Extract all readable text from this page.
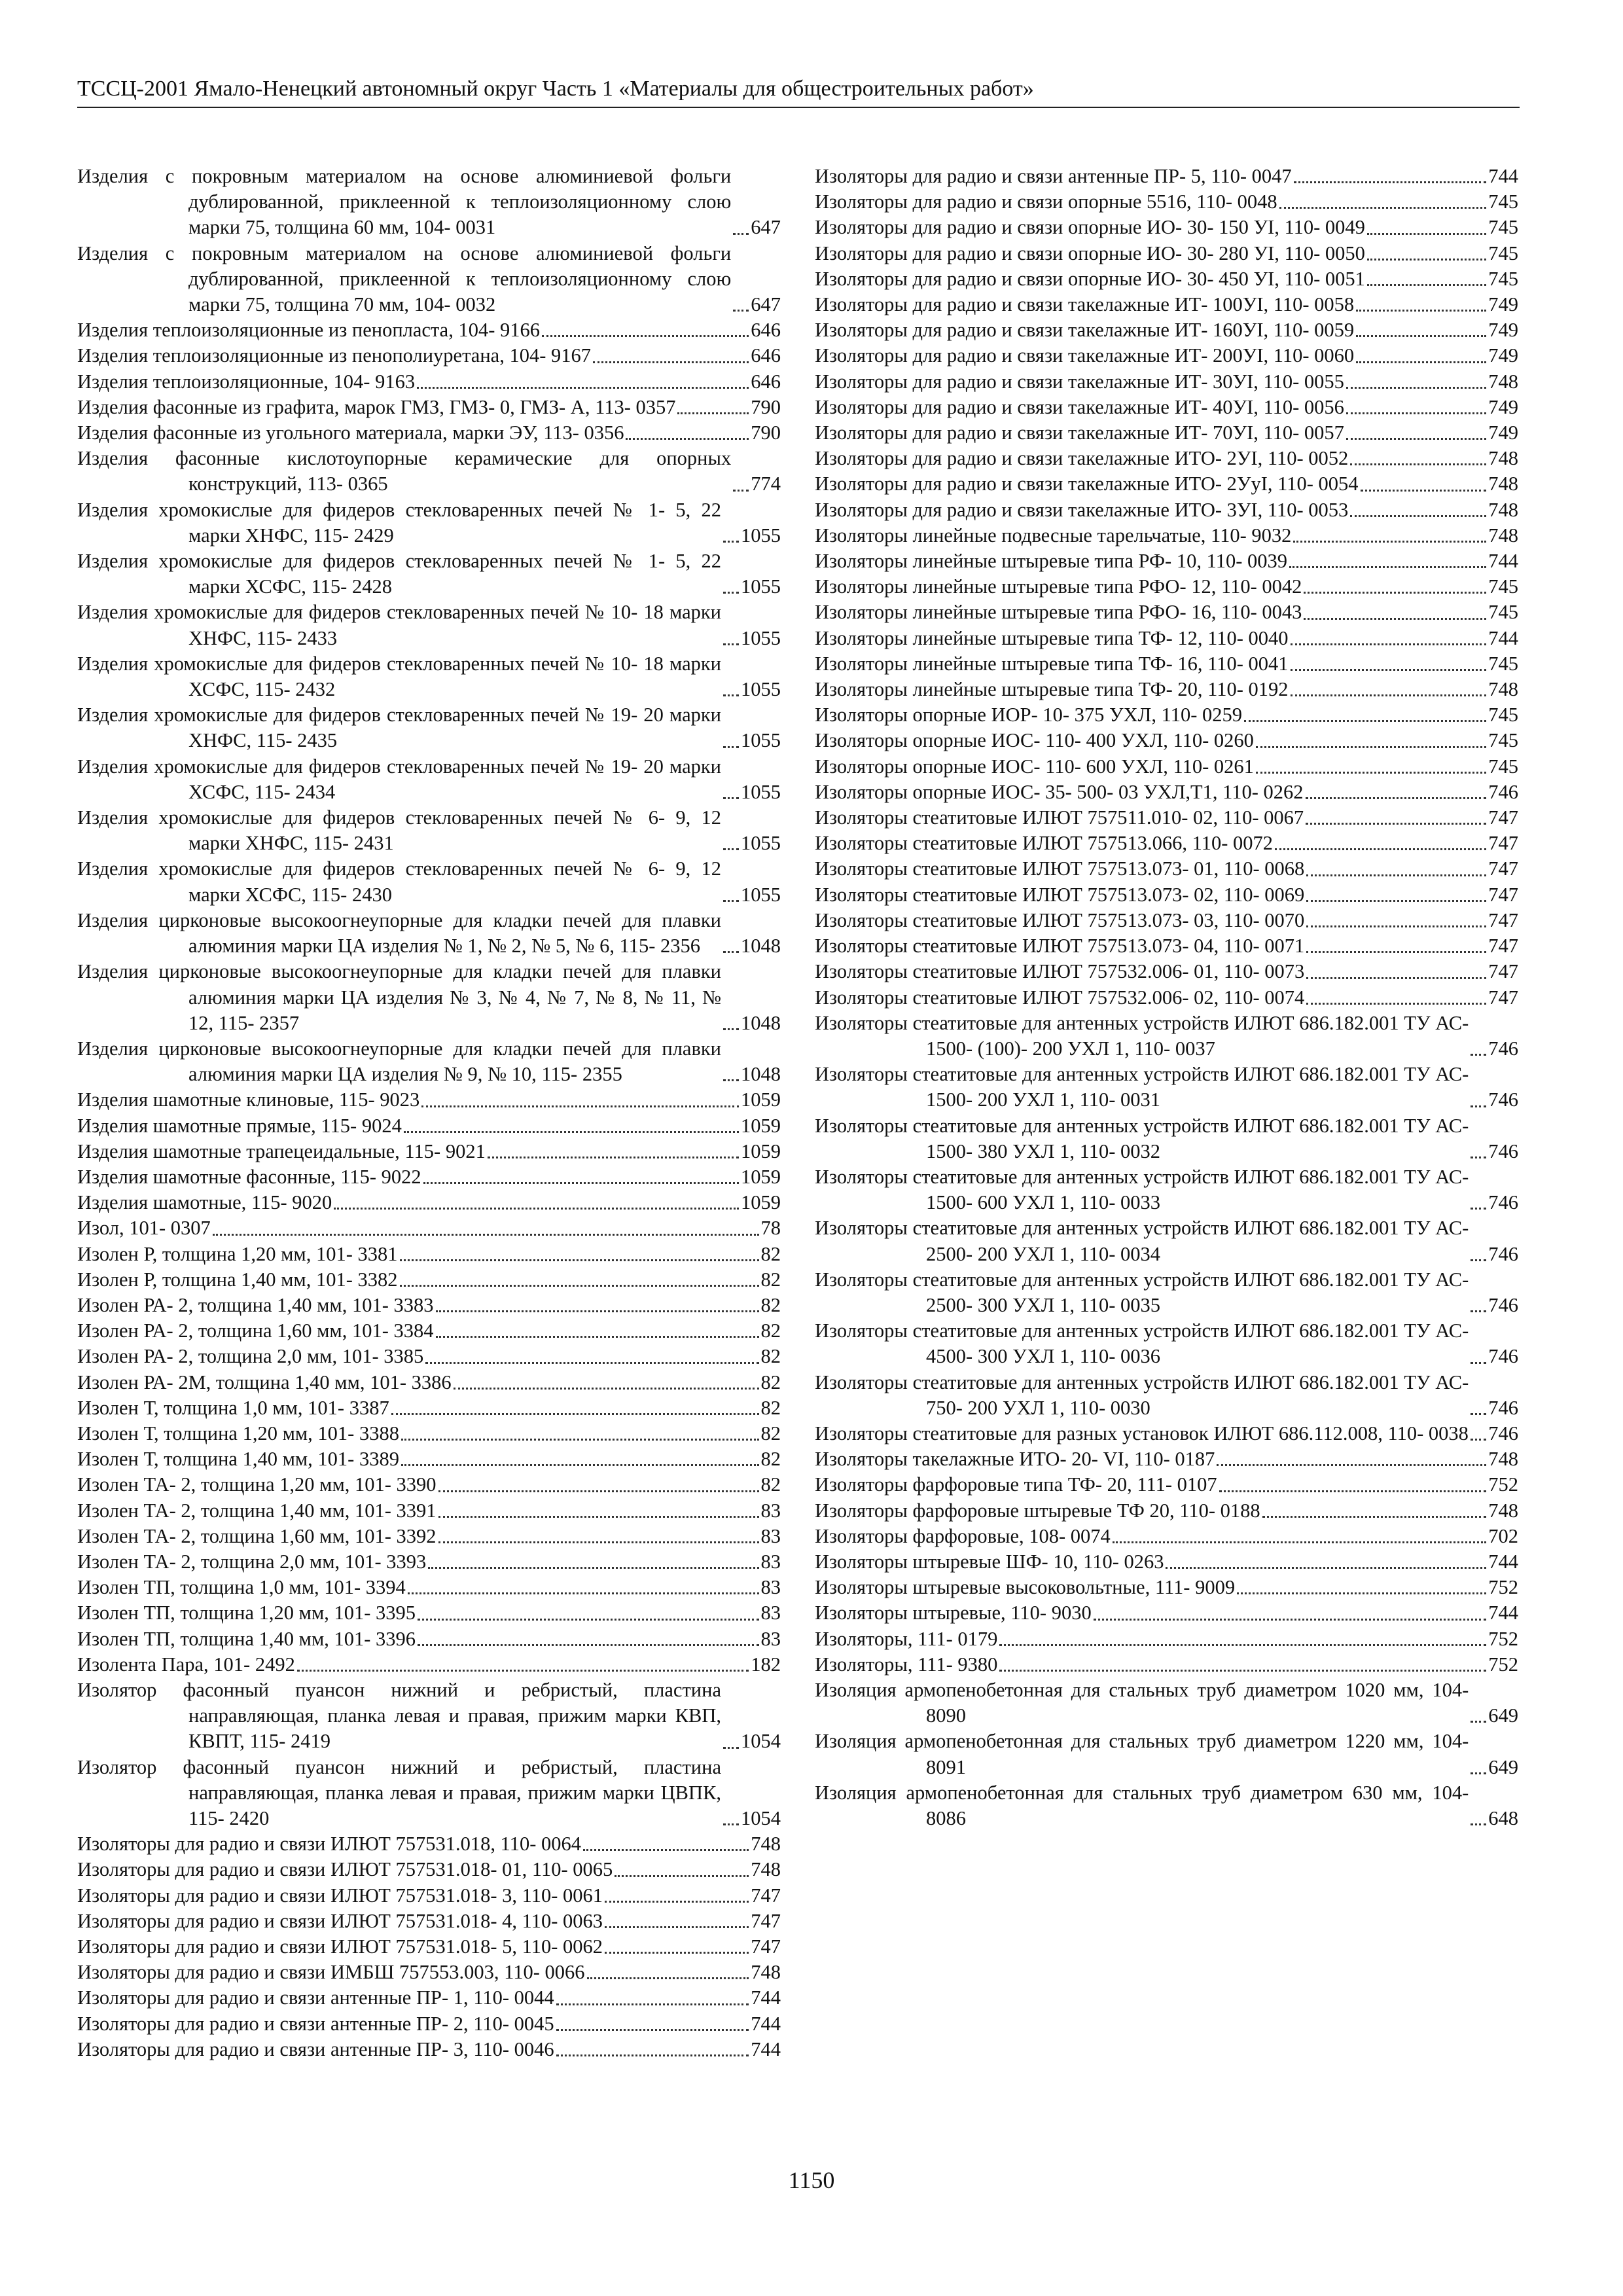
ТССЦ-2001 Ямало-Ненецкий автономный округ Часть 1 «Материалы для общестроительных работ»
Изделия с покровным материалом на основе алюминиевой фольги дублированной, приклеенной к теплоизоляционному слою марки 75, толщина 60 мм, 104- 0031	647
Изделия с покровным материалом на основе алюминиевой фольги дублированной, приклеенной к теплоизоляционному слою марки 75, толщина 70 мм, 104- 0032	647
Изделия теплоизоляционные из пенопласта, 104- 9166	646
Изделия теплоизоляционные из пенополиуретана, 104- 9167	646
Изделия теплоизоляционные, 104- 9163	646
Изделия фасонные из графита, марок ГМЗ, ГМЗ- 0, ГМЗ- А, 113- 0357	790
Изделия фасонные из угольного материала, марки ЭУ, 113- 0356	790
Изделия фасонные кислотоупорные керамические для опорных конструкций, 113- 0365	774
Изделия хромокислые для фидеров стекловаренных печей № 1- 5, 22 марки ХНФС, 115- 2429	1055
Изделия хромокислые для фидеров стекловаренных печей № 1- 5, 22 марки ХСФС, 115- 2428	1055
Изделия хромокислые для фидеров стекловаренных печей № 10- 18 марки ХНФС, 115- 2433	1055
Изделия хромокислые для фидеров стекловаренных печей № 10- 18 марки ХСФС, 115- 2432	1055
Изделия хромокислые для фидеров стекловаренных печей № 19- 20 марки ХНФС, 115- 2435	1055
Изделия хромокислые для фидеров стекловаренных печей № 19- 20 марки ХСФС, 115- 2434	1055
Изделия хромокислые для фидеров стекловаренных печей № 6- 9, 12 марки ХНФС, 115- 2431	1055
Изделия хромокислые для фидеров стекловаренных печей № 6- 9, 12 марки ХСФС, 115- 2430	1055
Изделия цирконовые высокоогнеупорные для кладки печей для плавки алюминия марки ЦА изделия № 1, № 2, № 5, № 6, 115- 2356	1048
Изделия цирконовые высокоогнеупорные для кладки печей для плавки алюминия марки ЦА изделия № 3, № 4, № 7, № 8, № 11, № 12, 115- 2357	1048
Изделия цирконовые высокоогнеупорные для кладки печей для плавки алюминия марки ЦА изделия № 9, № 10, 115- 2355	1048
Изделия шамотные клиновые, 115- 9023	1059
Изделия шамотные прямые, 115- 9024	1059
Изделия шамотные трапецеидальные, 115- 9021	1059
Изделия шамотные фасонные, 115- 9022	1059
Изделия шамотные, 115- 9020	1059
Изол, 101- 0307	78
Изолен Р, толщина 1,20 мм, 101- 3381	82
Изолен Р, толщина 1,40 мм, 101- 3382	82
Изолен РА- 2, толщина 1,40 мм, 101- 3383	82
Изолен РА- 2, толщина 1,60 мм, 101- 3384	82
Изолен РА- 2, толщина 2,0 мм, 101- 3385	82
Изолен РА- 2М, толщина 1,40 мм, 101- 3386	82
Изолен Т, толщина 1,0 мм, 101- 3387	82
Изолен Т, толщина 1,20 мм, 101- 3388	82
Изолен Т, толщина 1,40 мм, 101- 3389	82
Изолен ТА- 2, толщина 1,20 мм, 101- 3390	82
Изолен ТА- 2, толщина 1,40 мм, 101- 3391	83
Изолен ТА- 2, толщина 1,60 мм, 101- 3392	83
Изолен ТА- 2, толщина 2,0 мм, 101- 3393	83
Изолен ТП, толщина 1,0 мм, 101- 3394	83
Изолен ТП, толщина 1,20 мм, 101- 3395	83
Изолен ТП, толщина 1,40 мм, 101- 3396	83
Изолента Пара, 101- 2492	182
Изолятор фасонный пуансон нижний и ребристый, пластина направляющая, планка левая и правая, прижим марки КВП, КВПТ, 115- 2419	1054
Изолятор фасонный пуансон нижний и ребристый, пластина направляющая, планка левая и правая, прижим марки ЦВПК, 115- 2420	1054
Изоляторы для радио и связи ИЛЮТ 757531.018, 110- 0064	748
Изоляторы для радио и связи ИЛЮТ 757531.018- 01, 110- 0065	748
Изоляторы для радио и связи ИЛЮТ 757531.018- 3, 110- 0061	747
Изоляторы для радио и связи ИЛЮТ 757531.018- 4, 110- 0063	747
Изоляторы для радио и связи ИЛЮТ 757531.018- 5, 110- 0062	747
Изоляторы для радио и связи ИМБШ 757553.003, 110- 0066	748
Изоляторы для радио и связи антенные ПР- 1, 110- 0044	744
Изоляторы для радио и связи антенные ПР- 2, 110- 0045	744
Изоляторы для радио и связи антенные ПР- 3, 110- 0046	744
Изоляторы для радио и связи антенные ПР- 5, 110- 0047	744
Изоляторы для радио и связи опорные 5516, 110- 0048	745
Изоляторы для радио и связи опорные ИО- 30- 150 УI, 110- 0049	745
Изоляторы для радио и связи опорные ИО- 30- 280 УI, 110- 0050	745
Изоляторы для радио и связи опорные ИО- 30- 450 УI, 110- 0051	745
Изоляторы для радио и связи такелажные ИТ- 100УI, 110- 0058	749
Изоляторы для радио и связи такелажные ИТ- 160УI, 110- 0059	749
Изоляторы для радио и связи такелажные ИТ- 200УI, 110- 0060	749
Изоляторы для радио и связи такелажные ИТ- 30УI, 110- 0055	748
Изоляторы для радио и связи такелажные ИТ- 40УI, 110- 0056	749
Изоляторы для радио и связи такелажные ИТ- 70УI, 110- 0057	749
Изоляторы для радио и связи такелажные ИТО- 2УI, 110- 0052	748
Изоляторы для радио и связи такелажные ИТО- 2УуI, 110- 0054	748
Изоляторы для радио и связи такелажные ИТО- 3УI, 110- 0053	748
Изоляторы линейные подвесные тарельчатые, 110- 9032	748
Изоляторы линейные штыревые типа РФ- 10, 110- 0039	744
Изоляторы линейные штыревые типа РФО- 12, 110- 0042	745
Изоляторы линейные штыревые типа РФО- 16, 110- 0043	745
Изоляторы линейные штыревые типа ТФ- 12, 110- 0040	744
Изоляторы линейные штыревые типа ТФ- 16, 110- 0041	745
Изоляторы линейные штыревые типа ТФ- 20, 110- 0192	748
Изоляторы опорные ИОР- 10- 375 УХЛ, 110- 0259	745
Изоляторы опорные ИОС- 110- 400 УХЛ, 110- 0260	745
Изоляторы опорные ИОС- 110- 600 УХЛ, 110- 0261	745
Изоляторы опорные ИОС- 35- 500- 03 УХЛ,Т1, 110- 0262	746
Изоляторы стеатитовые ИЛЮТ 757511.010- 02, 110- 0067	747
Изоляторы стеатитовые ИЛЮТ 757513.066, 110- 0072	747
Изоляторы стеатитовые ИЛЮТ 757513.073- 01, 110- 0068	747
Изоляторы стеатитовые ИЛЮТ 757513.073- 02, 110- 0069	747
Изоляторы стеатитовые ИЛЮТ 757513.073- 03, 110- 0070	747
Изоляторы стеатитовые ИЛЮТ 757513.073- 04, 110- 0071	747
Изоляторы стеатитовые ИЛЮТ 757532.006- 01, 110- 0073	747
Изоляторы стеатитовые ИЛЮТ 757532.006- 02, 110- 0074	747
Изоляторы стеатитовые для антенных устройств ИЛЮТ 686.182.001 ТУ АС- 1500- (100)- 200 УХЛ 1, 110- 0037	746
Изоляторы стеатитовые для антенных устройств ИЛЮТ 686.182.001 ТУ АС- 1500- 200 УХЛ 1, 110- 0031	746
Изоляторы стеатитовые для антенных устройств ИЛЮТ 686.182.001 ТУ АС- 1500- 380 УХЛ 1, 110- 0032	746
Изоляторы стеатитовые для антенных устройств ИЛЮТ 686.182.001 ТУ АС- 1500- 600 УХЛ 1, 110- 0033	746
Изоляторы стеатитовые для антенных устройств ИЛЮТ 686.182.001 ТУ АС- 2500- 200 УХЛ 1, 110- 0034	746
Изоляторы стеатитовые для антенных устройств ИЛЮТ 686.182.001 ТУ АС- 2500- 300 УХЛ 1, 110- 0035	746
Изоляторы стеатитовые для антенных устройств ИЛЮТ 686.182.001 ТУ АС- 4500- 300 УХЛ 1, 110- 0036	746
Изоляторы стеатитовые для антенных устройств ИЛЮТ 686.182.001 ТУ АС- 750- 200 УХЛ 1, 110- 0030	746
Изоляторы стеатитовые для разных установок ИЛЮТ 686.112.008, 110- 0038 746
Изоляторы такелажные ИТО- 20- VI, 110- 0187	748
Изоляторы фарфоровые типа ТФ- 20, 111- 0107	752
Изоляторы фарфоровые штыревые ТФ 20, 110- 0188	748
Изоляторы фарфоровые, 108- 0074	702
Изоляторы штыревые ШФ- 10, 110- 0263	744
Изоляторы штыревые высоковольтные, 111- 9009	752
Изоляторы штыревые, 110- 9030	744
Изоляторы, 111- 0179	752
Изоляторы, 111- 9380	752
Изоляция армопенобетонная для стальных труб диаметром 1020 мм, 104- 8090	649
Изоляция армопенобетонная для стальных труб диаметром 1220 мм, 104- 8091	649
Изоляция армопенобетонная для стальных труб диаметром 630 мм, 104- 8086	648
1150
